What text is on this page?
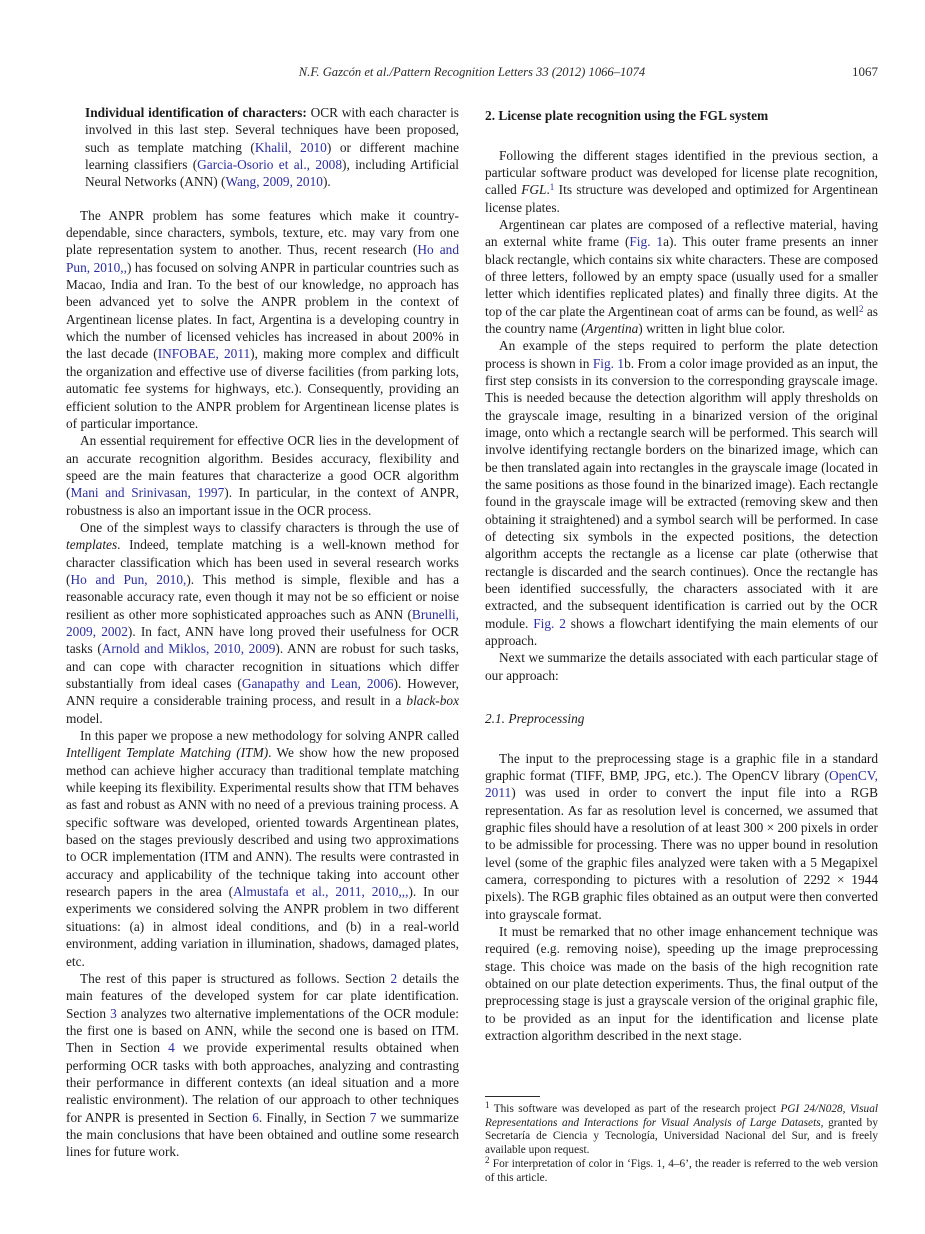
N.F. Gazcón et al./Pattern Recognition Letters 33 (2012) 1066–1074	1067
Individual identification of characters: OCR with each character is involved in this last step. Several techniques have been proposed, such as template matching (Khalil, 2010) or different machine learning classifiers (Garcia-Osorio et al., 2008), including Artificial Neural Networks (ANN) (Wang, 2009, 2010).
The ANPR problem has some features which make it country-dependable, since characters, symbols, texture, etc. may vary from one plate representation system to another. Thus, recent research (Ho and Pun, 2010,,) has focused on solving ANPR in particular countries such as Macao, India and Iran. To the best of our knowledge, no approach has been advanced yet to solve the ANPR problem in the context of Argentinean license plates. In fact, Argentina is a developing country in which the number of licensed vehicles has increased in about 200% in the last decade (INFOBAE, 2011), making more complex and difficult the organization and effective use of diverse facilities (from parking lots, automatic fee systems for highways, etc.). Consequently, providing an efficient solution to the ANPR problem for Argentinean license plates is of particular importance.
An essential requirement for effective OCR lies in the development of an accurate recognition algorithm. Besides accuracy, flexibility and speed are the main features that characterize a good OCR algorithm (Mani and Srinivasan, 1997). In particular, in the context of ANPR, robustness is also an important issue in the OCR process.
One of the simplest ways to classify characters is through the use of templates. Indeed, template matching is a well-known method for character classification which has been used in several research works (Ho and Pun, 2010,). This method is simple, flexible and has a reasonable accuracy rate, even though it may not be so efficient or noise resilient as other more sophisticated approaches such as ANN (Brunelli, 2009, 2002). In fact, ANN have long proved their usefulness for OCR tasks (Arnold and Miklos, 2010, 2009). ANN are robust for such tasks, and can cope with character recognition in situations which differ substantially from ideal cases (Ganapathy and Lean, 2006). However, ANN require a considerable training process, and result in a black-box model.
In this paper we propose a new methodology for solving ANPR called Intelligent Template Matching (ITM). We show how the new proposed method can achieve higher accuracy than traditional template matching while keeping its flexibility. Experimental results show that ITM behaves as fast and robust as ANN with no need of a previous training process. A specific software was developed, oriented towards Argentinean plates, based on the stages previously described and using two approximations to OCR implementation (ITM and ANN). The results were contrasted in accuracy and applicability of the technique taking into account other research papers in the area (Almustafa et al., 2011, 2010,,,). In our experiments we considered solving the ANPR problem in two different situations: (a) in almost ideal conditions, and (b) in a real-world environment, adding variation in illumination, shadows, damaged plates, etc.
The rest of this paper is structured as follows. Section 2 details the main features of the developed system for car plate identification. Section 3 analyzes two alternative implementations of the OCR module: the first one is based on ANN, while the second one is based on ITM. Then in Section 4 we provide experimental results obtained when performing OCR tasks with both approaches, analyzing and contrasting their performance in different contexts (an ideal situation and a more realistic environment). The relation of our approach to other techniques for ANPR is presented in Section 6. Finally, in Section 7 we summarize the main conclusions that have been obtained and outline some research lines for future work.
2. License plate recognition using the FGL system
Following the different stages identified in the previous section, a particular software product was developed for license plate recognition, called FGL.$^1$ Its structure was developed and optimized for Argentinean license plates.
Argentinean car plates are composed of a reflective material, having an external white frame (Fig. 1a). This outer frame presents an inner black rectangle, which contains six white characters. These are composed of three letters, followed by an empty space (usually used for a smaller letter which identifies replicated plates) and finally three digits. At the top of the car plate the Argentinean coat of arms can be found, as well$^2$ as the country name (Argentina) written in light blue color.
An example of the steps required to perform the plate detection process is shown in Fig. 1b. From a color image provided as an input, the first step consists in its conversion to the corresponding grayscale image. This is needed because the detection algorithm will apply thresholds on the grayscale image, resulting in a binarized version of the original image, onto which a rectangle search will be performed. This search will involve identifying rectangle borders on the binarized image, which can be then translated again into rectangles in the grayscale image (located in the same positions as those found in the binarized image). Each rectangle found in the grayscale image will be extracted (removing skew and then obtaining it straightened) and a symbol search will be performed. In case of detecting six symbols in the expected positions, the detection algorithm accepts the rectangle as a license car plate (otherwise that rectangle is discarded and the search continues). Once the rectangle has been identified successfully, the characters associated with it are extracted, and the subsequent identification is carried out by the OCR module. Fig. 2 shows a flowchart identifying the main elements of our approach.
Next we summarize the details associated with each particular stage of our approach:
2.1. Preprocessing
The input to the preprocessing stage is a graphic file in a standard graphic format (TIFF, BMP, JPG, etc.). The OpenCV library (OpenCV, 2011) was used in order to convert the input file into a RGB representation. As far as resolution level is concerned, we assumed that graphic files should have a resolution of at least 300 × 200 pixels in order to be admissible for processing. There was no upper bound in resolution level (some of the graphic files analyzed were taken with a 5 Megapixel camera, corresponding to pictures with a resolution of 2292 × 1944 pixels). The RGB graphic files obtained as an output were then converted into grayscale format.
It must be remarked that no other image enhancement technique was required (e.g. removing noise), speeding up the image preprocessing stage. This choice was made on the basis of the high recognition rate obtained on our plate detection experiments. Thus, the final output of the preprocessing stage is just a grayscale version of the original graphic file, to be provided as an input for the identification and license plate extraction algorithm described in the next stage.
$^1$ This software was developed as part of the research project PGI 24/N028, Visual Representations and Interactions for Visual Analysis of Large Datasets, granted by Secretaría de Ciencia y Tecnología, Universidad Nacional del Sur, and is freely available upon request.
$^2$ For interpretation of color in ‘Figs. 1, 4–6’, the reader is referred to the web version of this article.
